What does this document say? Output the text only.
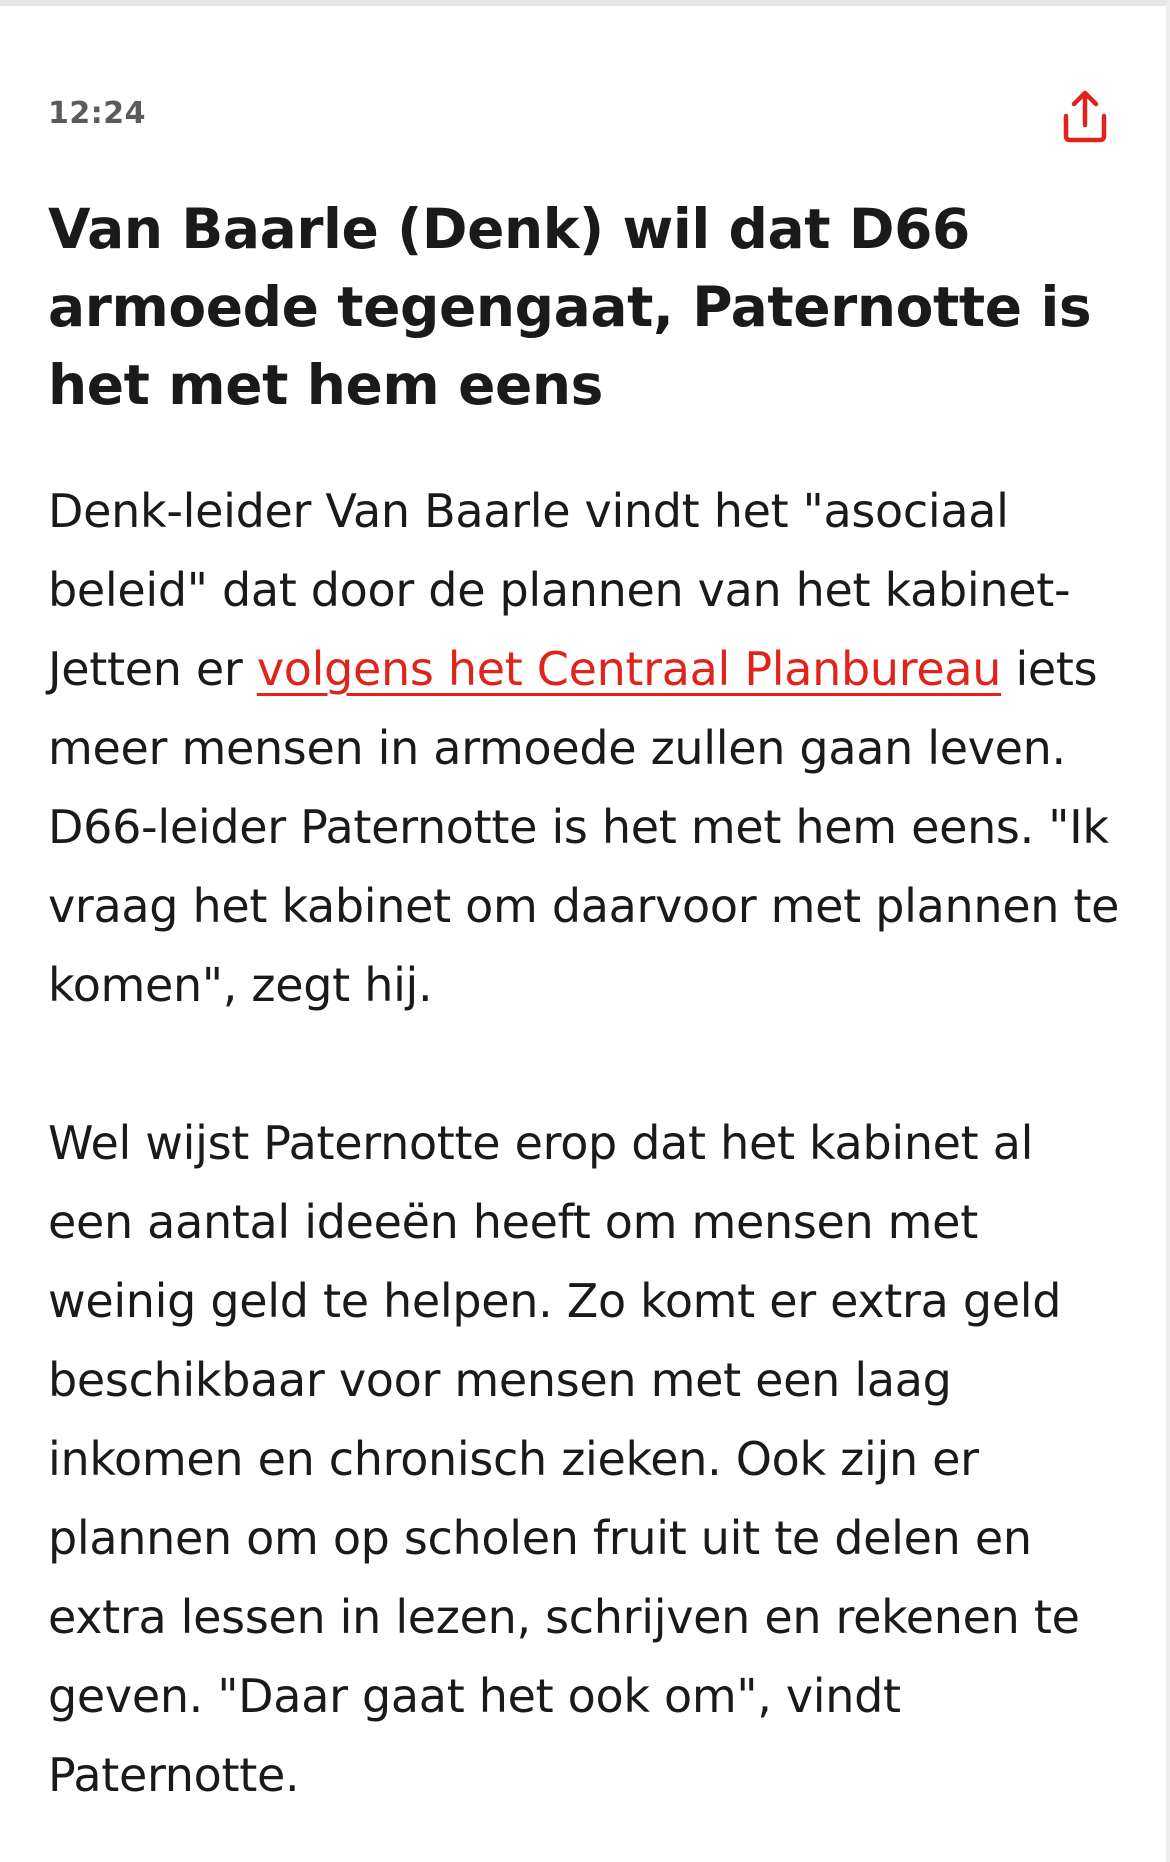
12:24
Van Baarle (Denk) wil dat D66 armoede tegengaat, Paternotte is het met hem eens

Denk-leider Van Baarle vindt het "asociaal beleid" dat door de plannen van het kabinet-Jetten er volgens het Centraal Planbureau iets meer mensen in armoede zullen gaan leven. D66-leider Paternotte is het met hem eens. "Ik vraag het kabinet om daarvoor met plannen te komen", zegt hij.

Wel wijst Paternotte erop dat het kabinet al een aantal ideeën heeft om mensen met weinig geld te helpen. Zo komt er extra geld beschikbaar voor mensen met een laag inkomen en chronisch zieken. Ook zijn er plannen om op scholen fruit uit te delen en extra lessen in lezen, schrijven en rekenen te geven. "Daar gaat het ook om", vindt Paternotte.
